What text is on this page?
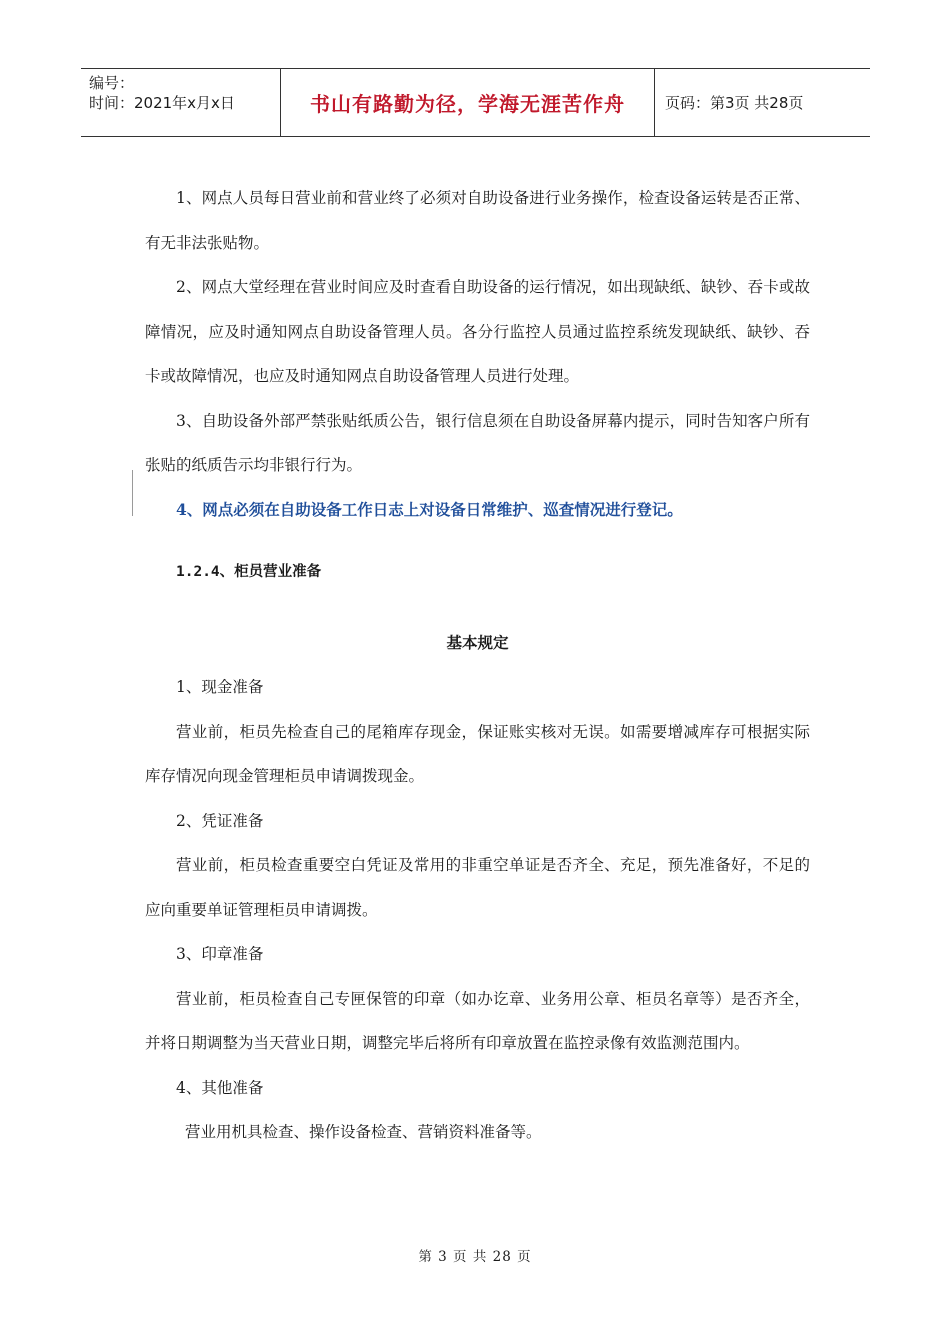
编号：
时间：2021年x月x日	书山有路勤为径，学海无涯苦作舟	页码：第3页 共28页

1、网点人员每日营业前和营业终了必须对自助设备进行业务操作，检查设备运转是否正常、有无非法张贴物。

2、网点大堂经理在营业时间应及时查看自助设备的运行情况，如出现缺纸、缺钞、吞卡或故障情况，应及时通知网点自助设备管理人员。各分行监控人员通过监控系统发现缺纸、缺钞、吞卡或故障情况，也应及时通知网点自助设备管理人员进行处理。

3、自助设备外部严禁张贴纸质公告，银行信息须在自助设备屏幕内提示，同时告知客户所有张贴的纸质告示均非银行行为。

4、网点必须在自助设备工作日志上对设备日常维护、巡查情况进行登记。

1.2.4、柜员营业准备

基本规定

1、现金准备

营业前，柜员先检查自己的尾箱库存现金，保证账实核对无误。如需要增减库存可根据实际库存情况向现金管理柜员申请调拨现金。

2、凭证准备

营业前，柜员检查重要空白凭证及常用的非重空单证是否齐全、充足，预先准备好，不足的应向重要单证管理柜员申请调拨。

3、印章准备

营业前，柜员检查自己专匣保管的印章（如办讫章、业务用公章、柜员名章等）是否齐全，并将日期调整为当天营业日期，调整完毕后将所有印章放置在监控录像有效监测范围内。

4、其他准备

营业用机具检查、操作设备检查、营销资料准备等。

第 3 页 共 28 页
